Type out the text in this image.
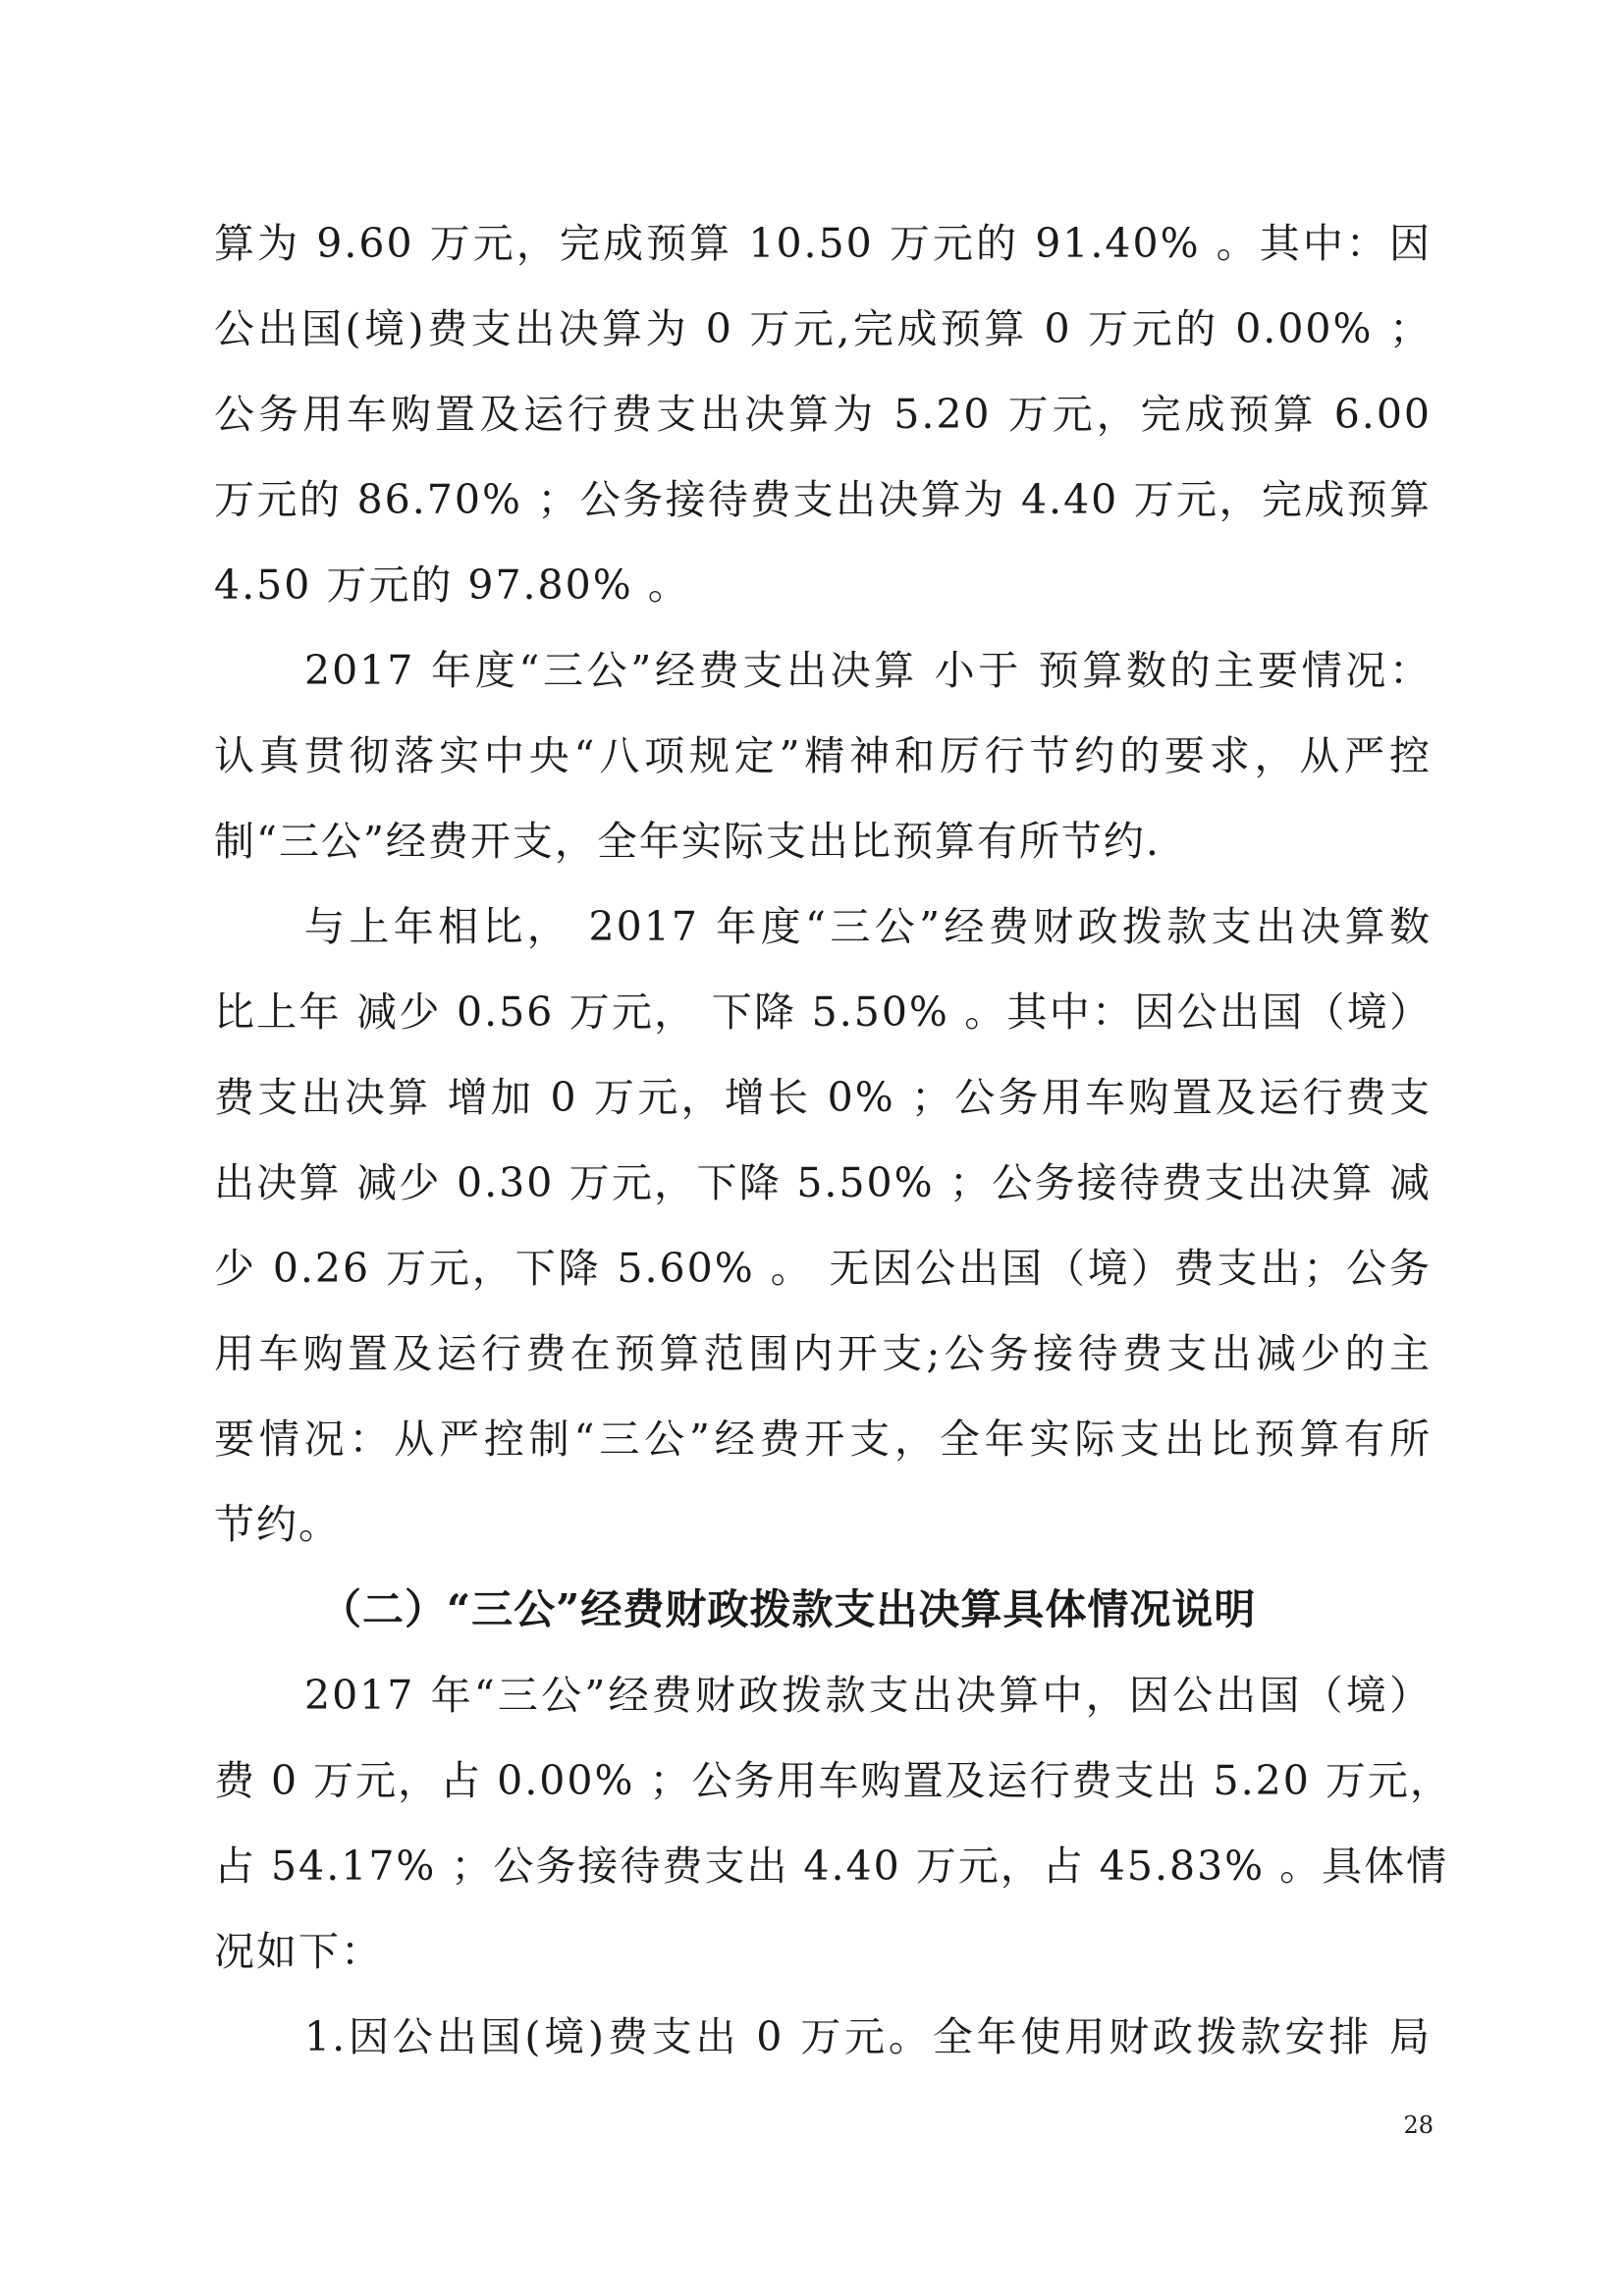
算为 9.60 万元，完成预算 10.50 万元的 91.40% 。其中：因
公出国(境)费支出决算为 0 万元,完成预算 0 万元的 0.00% ；
公务用车购置及运行费支出决算为 5.20 万元，完成预算 6.00
万元的 86.70% ；公务接待费支出决算为 4.40 万元，完成预算
4.50 万元的 97.80% 。
2017 年度“三公”经费支出决算 小于 预算数的主要情况：
认真贯彻落实中央“八项规定”精神和厉行节约的要求，从严控
制“三公”经费开支，全年实际支出比预算有所节约.
与上年相比， 2017 年度“三公”经费财政拨款支出决算数
比上年 减少 0.56 万元， 下降 5.50% 。其中：因公出国（境）
费支出决算 增加 0 万元，增长 0% ；公务用车购置及运行费支
出决算 减少 0.30 万元，下降 5.50% ；公务接待费支出决算 减
少 0.26 万元，下降 5.60% 。 无因公出国（境）费支出；公务
用车购置及运行费在预算范围内开支;公务接待费支出减少的主
要情况：从严控制“三公”经费开支，全年实际支出比预算有所
节约。
（二）“三公”经费财政拨款支出决算具体情况说明
2017 年“三公”经费财政拨款支出决算中，因公出国（境）
费 0 万元，占 0.00% ；公务用车购置及运行费支出 5.20 万元，
占 54.17% ；公务接待费支出 4.40 万元，占 45.83% 。具体情
况如下：
1.因公出国(境)费支出 0 万元。全年使用财政拨款安排 局
28
